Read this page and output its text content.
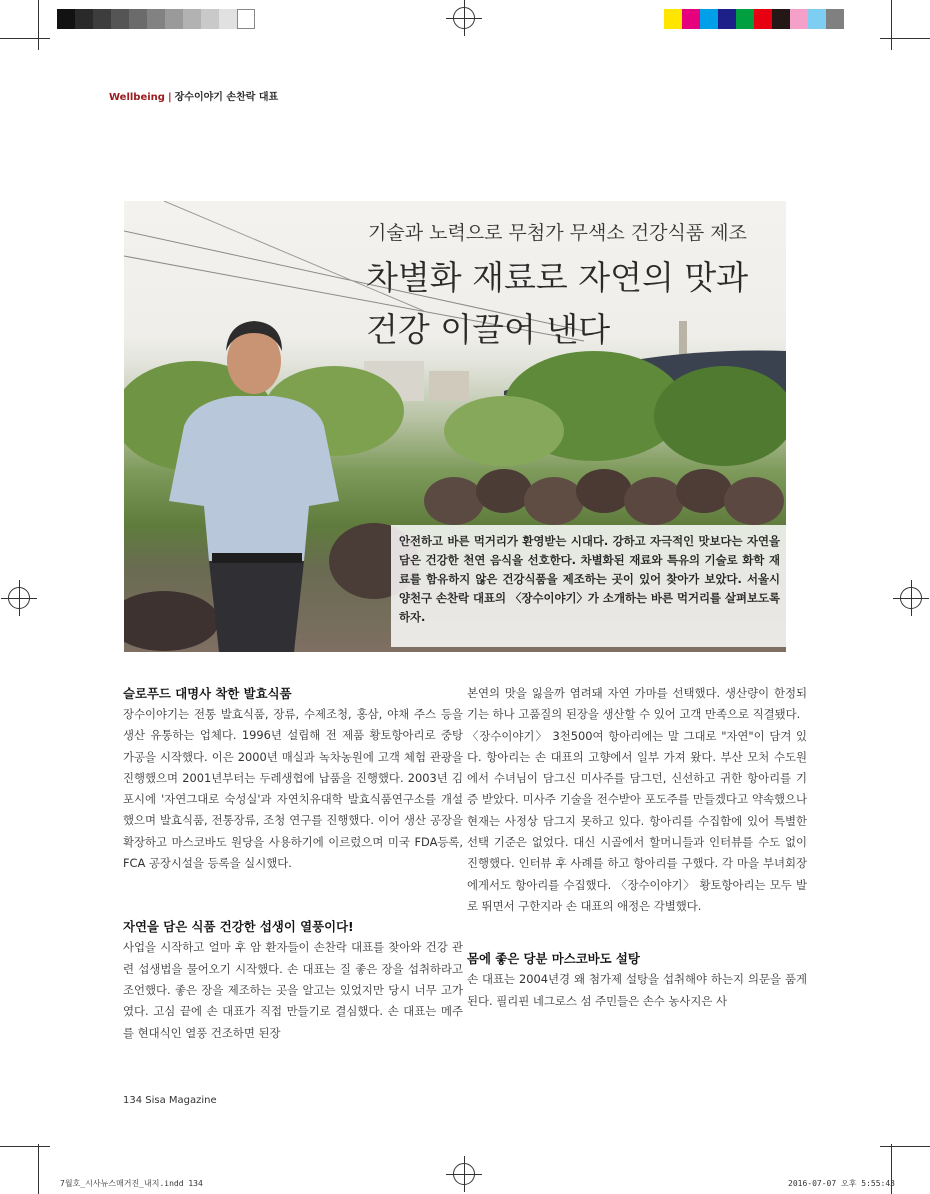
Wellbeing | 장수이야기 손찬락 대표
기술과 노력으로 무첨가 무색소 건강식품 제조
차별화 재료로 자연의 맛과
건강 이끌어 낸다
안전하고 바른 먹거리가 환영받는 시대다. 강하고 자극적인 맛보다는 자연을 담은 건강한 천연 음식을 선호한다. 차별화된 재료와 특유의 기술로 화학 재료를 함유하지 않은 건강식품을 제조하는 곳이 있어 찾아가 보았다. 서울시 양천구 손찬락 대표의 〈장수이야기〉가 소개하는 바른 먹거리를 살펴보도록 하자.
슬로푸드 대명사 착한 발효식품

장수이야기는 전통 발효식품, 장류, 수제조청, 홍삼, 야채 주스 등을 생산 유통하는 업체다. 1996년 설립해 전 제품 황토항아리로 중탕 가공을 시작했다. 이은 2000년 매실과 녹차농원에 고객 체험 관광을 진행했으며 2001년부터는 두레생협에 납품을 진행했다. 2003년 김포시에 '자연그대로 숙성실'과 자연치유대학 발효식품연구소를 개설했으며 발효식품, 전통장류, 조청 연구를 진행했다. 이어 생산 공장을 확장하고 마스코바도 원당을 사용하기에 이르렀으며 미국 FDA등록, FCA 공장시설을 등록을 실시했다.

자연을 담은 식품 건강한 섭생이 열풍이다!

사업을 시작하고 얼마 후 암 환자들이 손찬락 대표를 찾아와 건강 관련 섭생법을 물어오기 시작했다. 손 대표는 질 좋은 장을 섭취하라고 조언했다. 좋은 장을 제조하는 곳을 알고는 있었지만 당시 너무 고가였다. 고심 끝에 손 대표가 직접 만들기로 결심했다. 손 대표는 메주를 현대식인 열풍 건조하면 된장

본연의 맛을 잃을까 염려돼 자연 가마를 선택했다. 생산량이 한정되기는 하나 고품질의 된장을 생산할 수 있어 고객 만족으로 직결됐다.

〈장수이야기〉 3천500여 항아리에는 말 그대로 "자연"이 담겨 있다. 항아리는 손 대표의 고향에서 일부 가져 왔다. 부산 모처 수도원에서 수녀님이 담그신 미사주를 담그던, 신선하고 귀한 항아리를 기증 받았다. 미사주 기술을 전수받아 포도주를 만들겠다고 약속했으나 현재는 사정상 담그지 못하고 있다. 항아리를 수집함에 있어 특별한 선택 기준은 없었다. 대신 시골에서 할머니들과 인터뷰를 수도 없이 진행했다. 인터뷰 후 사례를 하고 항아리를 구했다. 각 마을 부녀회장에게서도 항아리를 수집했다. 〈장수이야기〉 황토항아리는 모두 발로 뛰면서 구한지라 손 대표의 애정은 각별했다.

몸에 좋은 당분 마스코바도 설탕

손 대표는 2004년경 왜 첨가제 설탕을 섭취해야 하는지 의문을 품게 된다. 필리핀 네그로스 섬 주민들은 손수 농사지은 사

134 Sisa Magazine
7월호_시사뉴스매거진_내지.indd 134	2016-07-07 오후 5:55:43
